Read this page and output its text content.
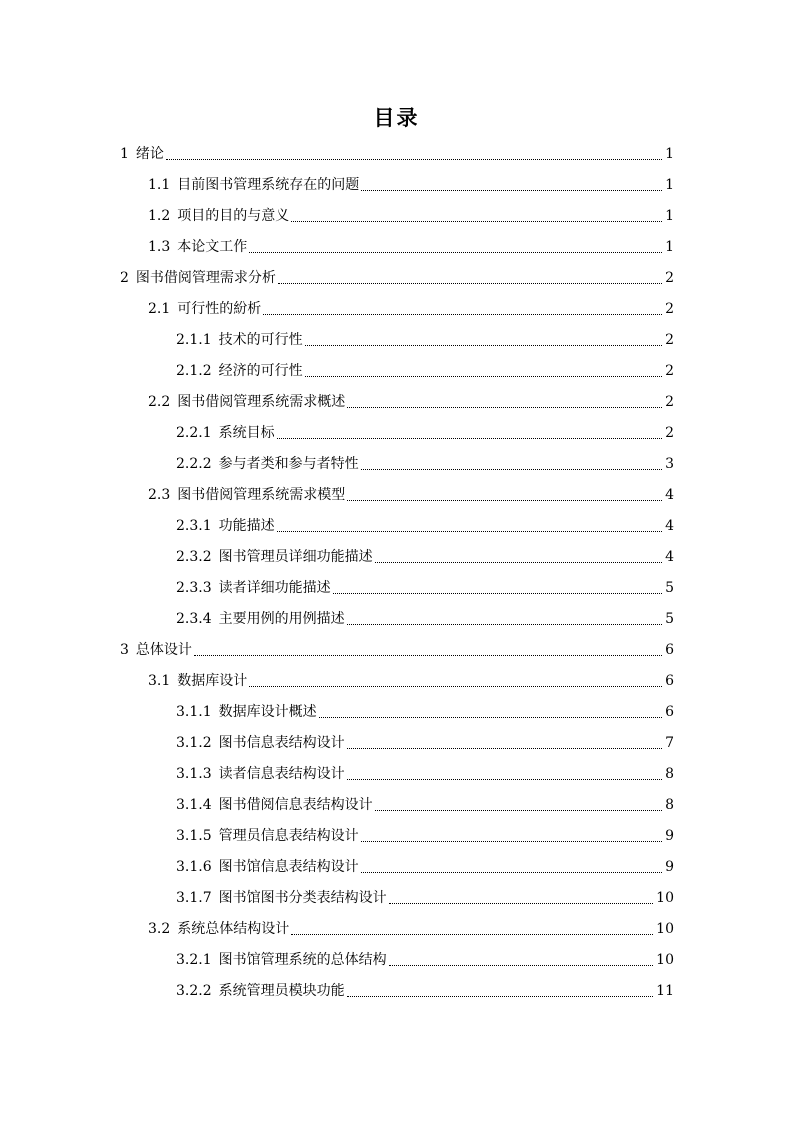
目录
1 绪论	1
1.1 目前图书管理系统存在的问题	1
1.2 项目的目的与意义	1
1.3 本论文工作	1
2 图书借阅管理需求分析	2
2.1 可行性的紛析	2
2.1.1 技术的可行性	2
2.1.2 经济的可行性	2
2.2 图书借阅管理系统需求概述	2
2.2.1 系统目标	2
2.2.2 参与者类和参与者特性	3
2.3 图书借阅管理系统需求模型	4
2.3.1 功能描述	4
2.3.2 图书管理员详细功能描述	4
2.3.3 读者详细功能描述	5
2.3.4 主要用例的用例描述	5
3 总体设计	6
3.1 数据库设计	6
3.1.1 数据库设计概述	6
3.1.2 图书信息表结构设计	7
3.1.3 读者信息表结构设计	8
3.1.4 图书借阅信息表结构设计	8
3.1.5 管理员信息表结构设计	9
3.1.6 图书馆信息表结构设计	9
3.1.7 图书馆图书分类表结构设计	10
3.2 系统总体结构设计	10
3.2.1 图书馆管理系统的总体结构	10
3.2.2 系统管理员模块功能	11
